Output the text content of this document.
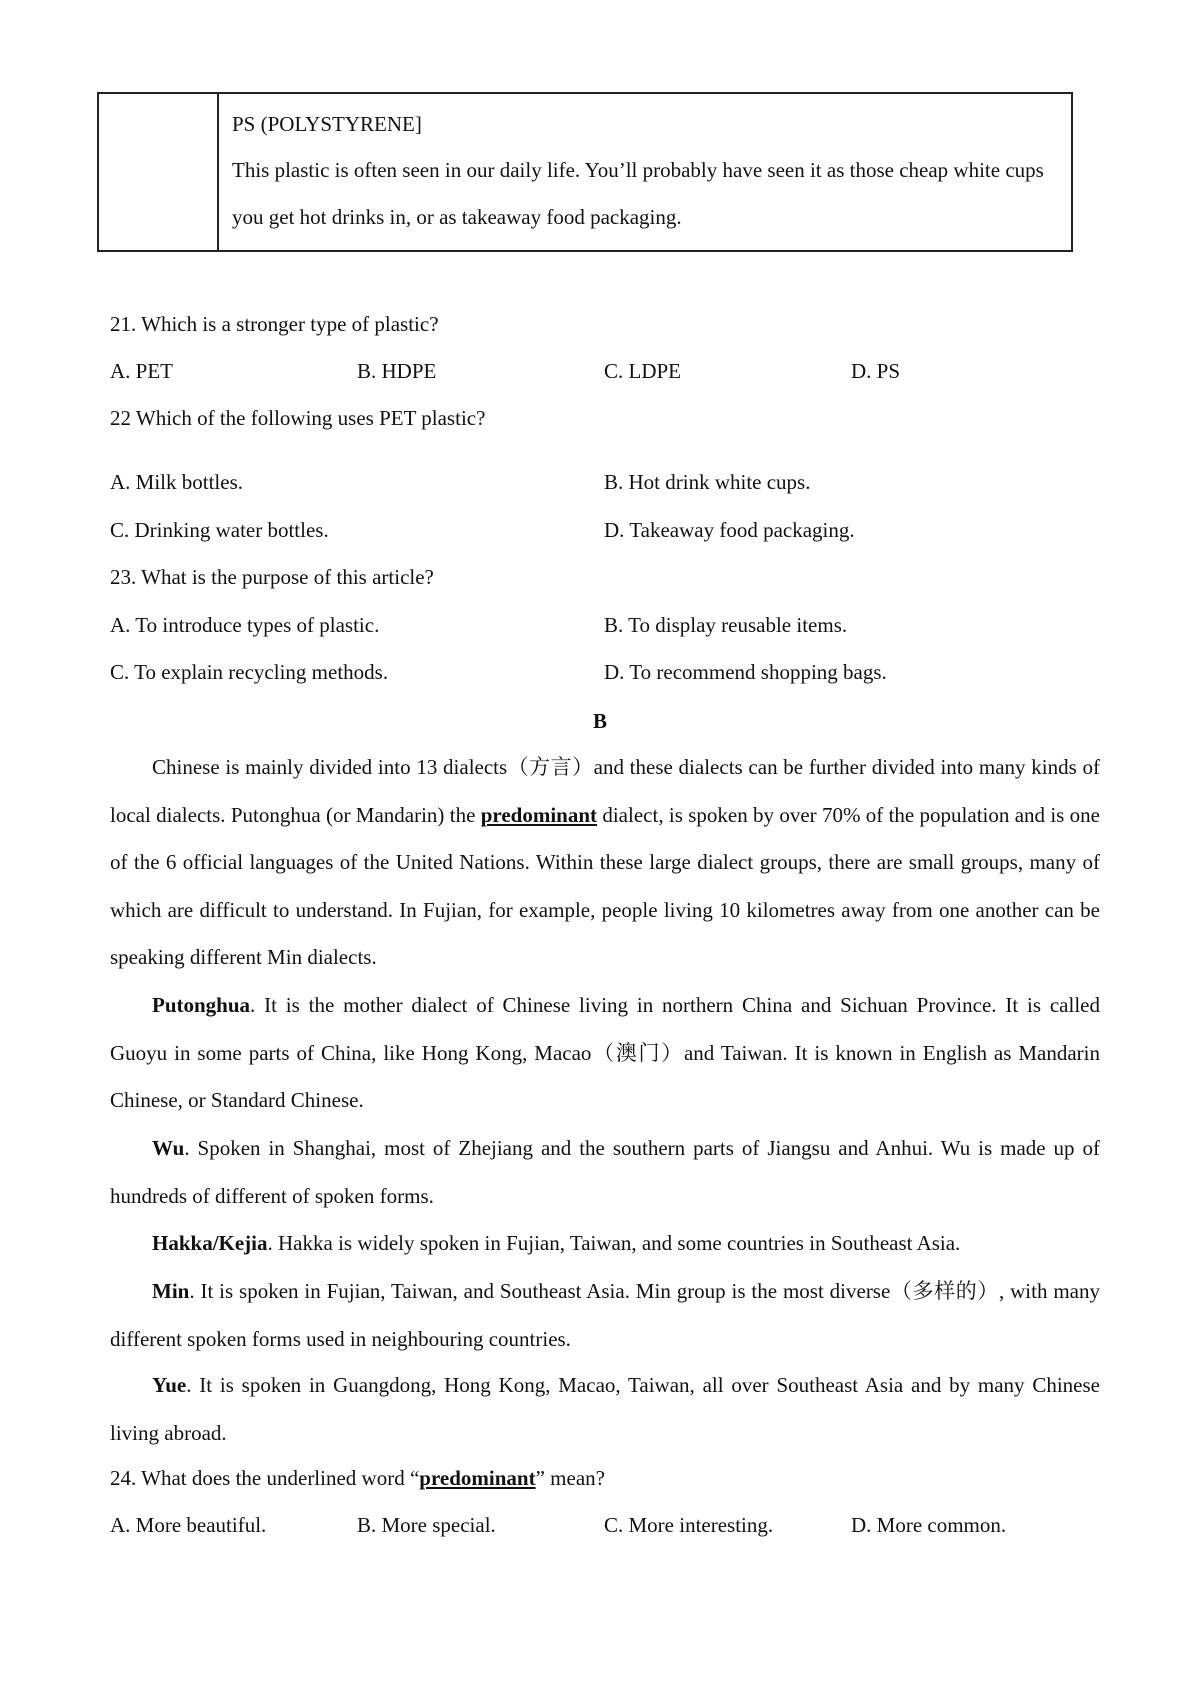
PS (POLYSTYRENE]
This plastic is often seen in our daily life. You’ll probably have seen it as those cheap white cups you get hot drinks in, or as takeaway food packaging.
21. Which is a stronger type of plastic?
A. PET	B. HDPE	C. LDPE	D. PS
22 Which of the following uses PET plastic?
A. Milk bottles.	B. Hot drink white cups.
C. Drinking water bottles.	D. Takeaway food packaging.
23. What is the purpose of this article?
A. To introduce types of plastic.	B. To display reusable items.
C. To explain recycling methods.	D. To recommend shopping bags.
B
Chinese is mainly divided into 13 dialects（方言）and these dialects can be further divided into many kinds of local dialects. Putonghua (or Mandarin) the predominant dialect, is spoken by over 70% of the population and is one of the 6 official languages of the United Nations. Within these large dialect groups, there are small groups, many of which are difficult to understand. In Fujian, for example, people living 10 kilometres away from one another can be speaking different Min dialects.
Putonghua. It is the mother dialect of Chinese living in northern China and Sichuan Province. It is called Guoyu in some parts of China, like Hong Kong, Macao（澳门）and Taiwan. It is known in English as Mandarin Chinese, or Standard Chinese.
Wu. Spoken in Shanghai, most of Zhejiang and the southern parts of Jiangsu and Anhui. Wu is made up of hundreds of different of spoken forms.
Hakka/Kejia. Hakka is widely spoken in Fujian, Taiwan, and some countries in Southeast Asia.
Min. It is spoken in Fujian, Taiwan, and Southeast Asia. Min group is the most diverse（多样的）, with many different spoken forms used in neighbouring countries.
Yue. It is spoken in Guangdong, Hong Kong, Macao, Taiwan, all over Southeast Asia and by many Chinese living abroad.
24. What does the underlined word “predominant” mean?
A. More beautiful.	B. More special.	C. More interesting.	D. More common.
